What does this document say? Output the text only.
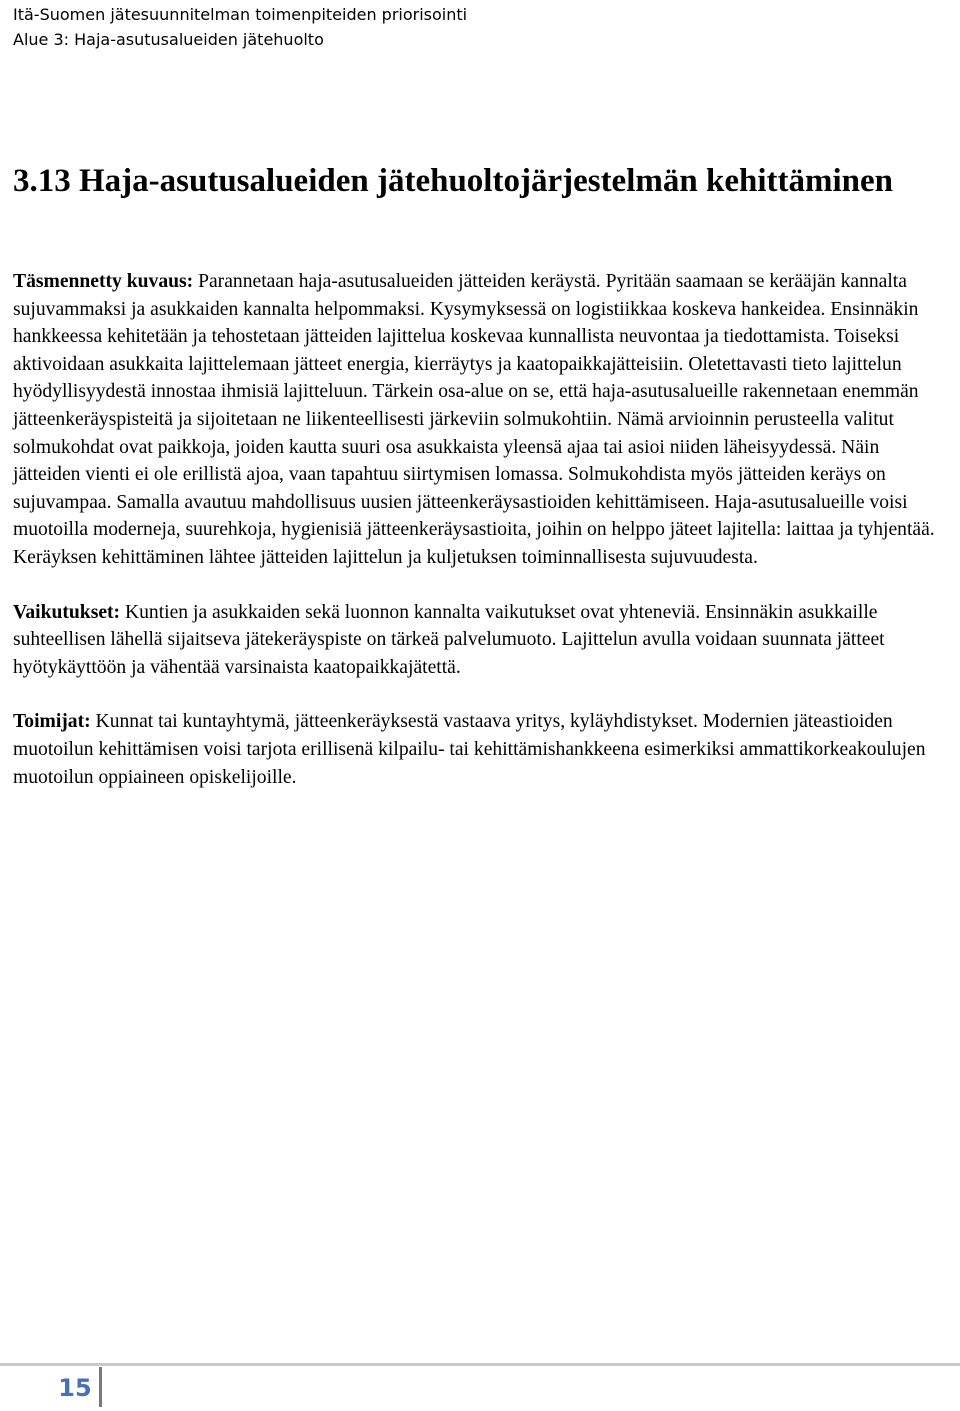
Itä-Suomen jätesuunnitelman toimenpiteiden priorisointi
Alue 3: Haja-asutusalueiden jätehuolto
3.13 Haja-asutusalueiden jätehuoltojärjestelmän kehittäminen

Täsmennetty kuvaus: Parannetaan haja-asutusalueiden jätteiden keräystä. Pyritään saamaan se kerääjän kannalta sujuvammaksi ja asukkaiden kannalta helpommaksi. Kysymyksessä on logistiikkaa koskeva hankeidea. Ensinnäkin hankkeessa kehitetään ja tehostetaan jätteiden lajittelua koskevaa kunnallista neuvontaa ja tiedottamista. Toiseksi aktivoidaan asukkaita lajittelemaan jätteet energia, kierräytys ja kaatopaikkajätteisiin. Oletettavasti tieto lajittelun hyödyllisyydestä innostaa ihmisiä lajitteluun. Tärkein osa-alue on se, että haja-asutusalueille rakennetaan enemmän jätteenkeräyspisteitä ja sijoitetaan ne liikenteellisesti järkeviin solmukohtiin. Nämä arvioinnin perusteella valitut solmukohdat ovat paikkoja, joiden kautta suuri osa asukkaista yleensä ajaa tai asioi niiden läheisyydessä. Näin jätteiden vienti ei ole erillistä ajoa, vaan tapahtuu siirtymisen lomassa. Solmukohdista myös jätteiden keräys on sujuvampaa. Samalla avautuu mahdollisuus uusien jätteenkeräysastioiden kehittämiseen. Haja-asutusalueille voisi muotoilla moderneja, suurehkoja, hygienisiä jätteenkeräysastioita, joihin on helppo jäteet lajitella: laittaa ja tyhjentää. Keräyksen kehittäminen lähtee jätteiden lajittelun ja kuljetuksen toiminnallisesta sujuvuudesta.

Vaikutukset: Kuntien ja asukkaiden sekä luonnon kannalta vaikutukset ovat yhteneviä. Ensinnäkin asukkaille suhteellisen lähellä sijaitseva jätekeräyspiste on tärkeä palvelumuoto. Lajittelun avulla voidaan suunnata jätteet hyötykäyttöön ja vähentää varsinaista kaatopaikkajätettä.

Toimijat: Kunnat tai kuntayhtymä, jätteenkeräyksestä vastaava yritys, kyläyhdistykset. Modernien jäteastioiden muotoilun kehittämisen voisi tarjota erillisenä kilpailu- tai kehittämishankkeena esimerkiksi ammattikorkeakoulujen muotoilun oppiaineen opiskelijoille.

15
